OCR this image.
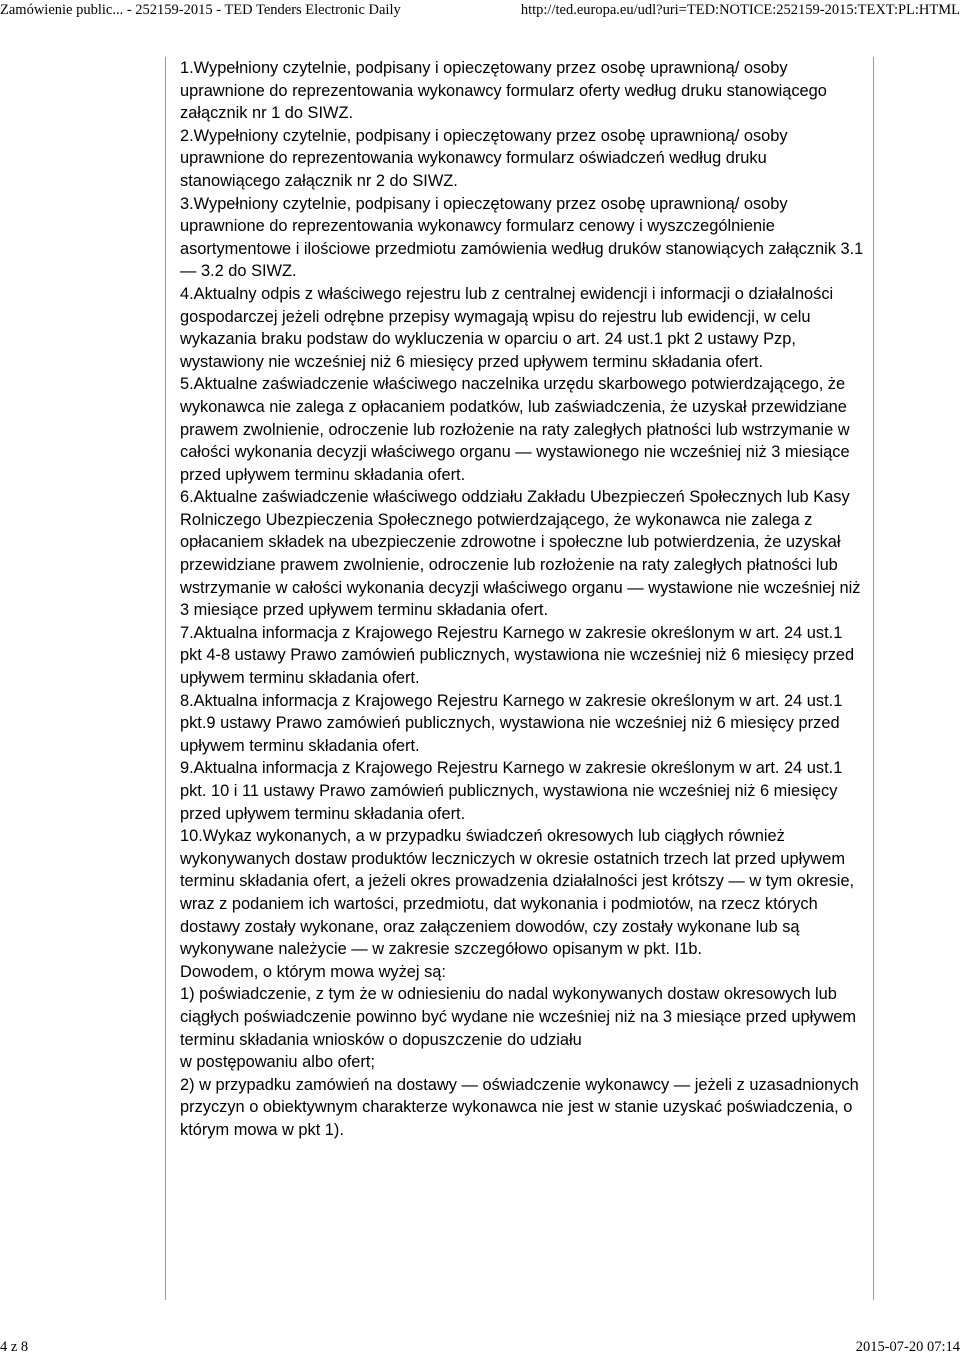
Zamówienie public... - 252159-2015 - TED Tenders Electronic Daily	http://ted.europa.eu/udl?uri=TED:NOTICE:252159-2015:TEXT:PL:HTML

1.Wypełniony czytelnie, podpisany i opieczętowany przez osobę uprawnioną/ osoby uprawnione do reprezentowania wykonawcy formularz oferty według druku stanowiącego załącznik nr 1 do SIWZ.

2.Wypełniony czytelnie, podpisany i opieczętowany przez osobę uprawnioną/ osoby uprawnione do reprezentowania wykonawcy formularz oświadczeń według druku stanowiącego załącznik nr 2 do SIWZ.

3.Wypełniony czytelnie, podpisany i opieczętowany przez osobę uprawnioną/ osoby uprawnione do reprezentowania wykonawcy formularz cenowy i wyszczególnienie asortymentowe i ilościowe przedmiotu zamówienia według druków stanowiących załącznik 3.1 — 3.2 do SIWZ.

4.Aktualny odpis z właściwego rejestru lub z centralnej ewidencji i informacji o działalności gospodarczej jeżeli odrębne przepisy wymagają wpisu do rejestru lub ewidencji, w celu wykazania braku podstaw do wykluczenia w oparciu o art. 24 ust.1 pkt 2 ustawy Pzp, wystawiony nie wcześniej niż 6 miesięcy przed upływem terminu składania ofert.

5.Aktualne zaświadczenie właściwego naczelnika urzędu skarbowego potwierdzającego, że wykonawca nie zalega z opłacaniem podatków, lub zaświadczenia, że uzyskał przewidziane prawem zwolnienie, odroczenie lub rozłożenie na raty zaległych płatności lub wstrzymanie w całości wykonania decyzji właściwego organu — wystawionego nie wcześniej niż 3 miesiące przed upływem terminu składania ofert.

6.Aktualne zaświadczenie właściwego oddziału Zakładu Ubezpieczeń Społecznych lub Kasy Rolniczego Ubezpieczenia Społecznego potwierdzającego, że wykonawca nie zalega z opłacaniem składek na ubezpieczenie zdrowotne i społeczne lub potwierdzenia, że uzyskał przewidziane prawem zwolnienie, odroczenie lub rozłożenie na raty zaległych płatności lub wstrzymanie w całości wykonania decyzji właściwego organu — wystawione nie wcześniej niż 3 miesiące przed upływem terminu składania ofert.

7.Aktualna informacja z Krajowego Rejestru Karnego w zakresie określonym w art. 24 ust.1 pkt 4-8 ustawy Prawo zamówień publicznych, wystawiona nie wcześniej niż 6 miesięcy przed upływem terminu składania ofert.

8.Aktualna informacja z Krajowego Rejestru Karnego w zakresie określonym w art. 24 ust.1 pkt.9 ustawy Prawo zamówień publicznych, wystawiona nie wcześniej niż 6 miesięcy przed upływem terminu składania ofert.

9.Aktualna informacja z Krajowego Rejestru Karnego w zakresie określonym w art. 24 ust.1 pkt. 10 i 11 ustawy Prawo zamówień publicznych, wystawiona nie wcześniej niż 6 miesięcy przed upływem terminu składania ofert.

10.Wykaz wykonanych, a w przypadku świadczeń okresowych lub ciągłych również wykonywanych dostaw produktów leczniczych w okresie ostatnich trzech lat przed upływem terminu składania ofert, a jeżeli okres prowadzenia działalności jest krótszy — w tym okresie, wraz z podaniem ich wartości, przedmiotu, dat wykonania i podmiotów, na rzecz których dostawy zostały wykonane, oraz załączeniem dowodów, czy zostały wykonane lub są wykonywane należycie — w zakresie szczegółowo opisanym w pkt. I1b.

Dowodem, o którym mowa wyżej są:

1) poświadczenie, z tym że w odniesieniu do nadal wykonywanych dostaw okresowych lub ciągłych poświadczenie powinno być wydane nie wcześniej niż na 3 miesiące przed upływem terminu składania wniosków o dopuszczenie do udziału

w postępowaniu albo ofert;

2) w przypadku zamówień na dostawy — oświadczenie wykonawcy — jeżeli z uzasadnionych przyczyn o obiektywnym charakterze wykonawca nie jest w stanie uzyskać poświadczenia, o którym mowa w pkt 1).

4 z 8	2015-07-20 07:14
